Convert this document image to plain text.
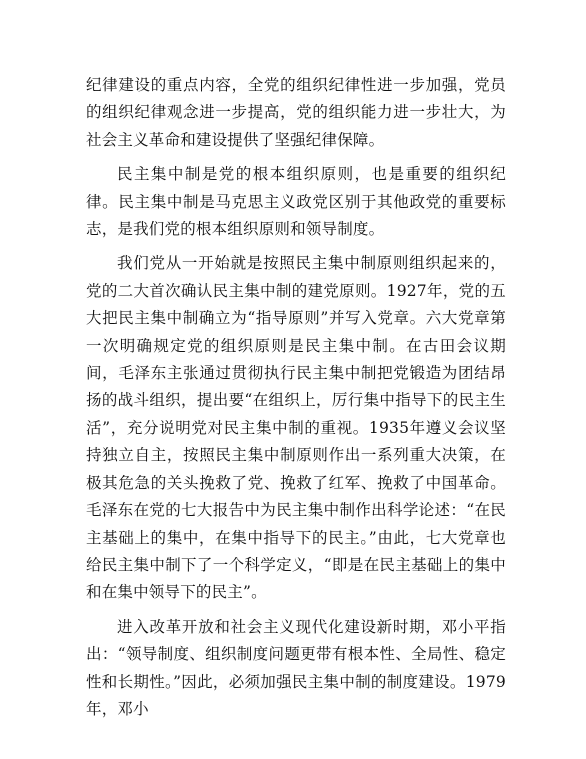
纪律建设的重点内容，全党的组织纪律性进一步加强，党员的组织纪律观念进一步提高，党的组织能力进一步壮大，为社会主义革命和建设提供了坚强纪律保障。

民主集中制是党的根本组织原则，也是重要的组织纪律。民主集中制是马克思主义政党区别于其他政党的重要标志，是我们党的根本组织原则和领导制度。

我们党从一开始就是按照民主集中制原则组织起来的，党的二大首次确认民主集中制的建党原则。1927年，党的五大把民主集中制确立为“指导原则”并写入党章。六大党章第一次明确规定党的组织原则是民主集中制。在古田会议期间，毛泽东主张通过贯彻执行民主集中制把党锻造为团结昂扬的战斗组织，提出要“在组织上，厉行集中指导下的民主生活”，充分说明党对民主集中制的重视。1935年遵义会议坚持独立自主，按照民主集中制原则作出一系列重大决策，在极其危急的关头挽救了党、挽救了红军、挽救了中国革命。毛泽东在党的七大报告中为民主集中制作出科学论述：“在民主基础上的集中，在集中指导下的民主。”由此，七大党章也给民主集中制下了一个科学定义，“即是在民主基础上的集中和在集中领导下的民主”。

进入改革开放和社会主义现代化建设新时期，邓小平指出：“领导制度、组织制度问题更带有根本性、全局性、稳定性和长期性。”因此，必须加强民主集中制的制度建设。1979年，邓小
